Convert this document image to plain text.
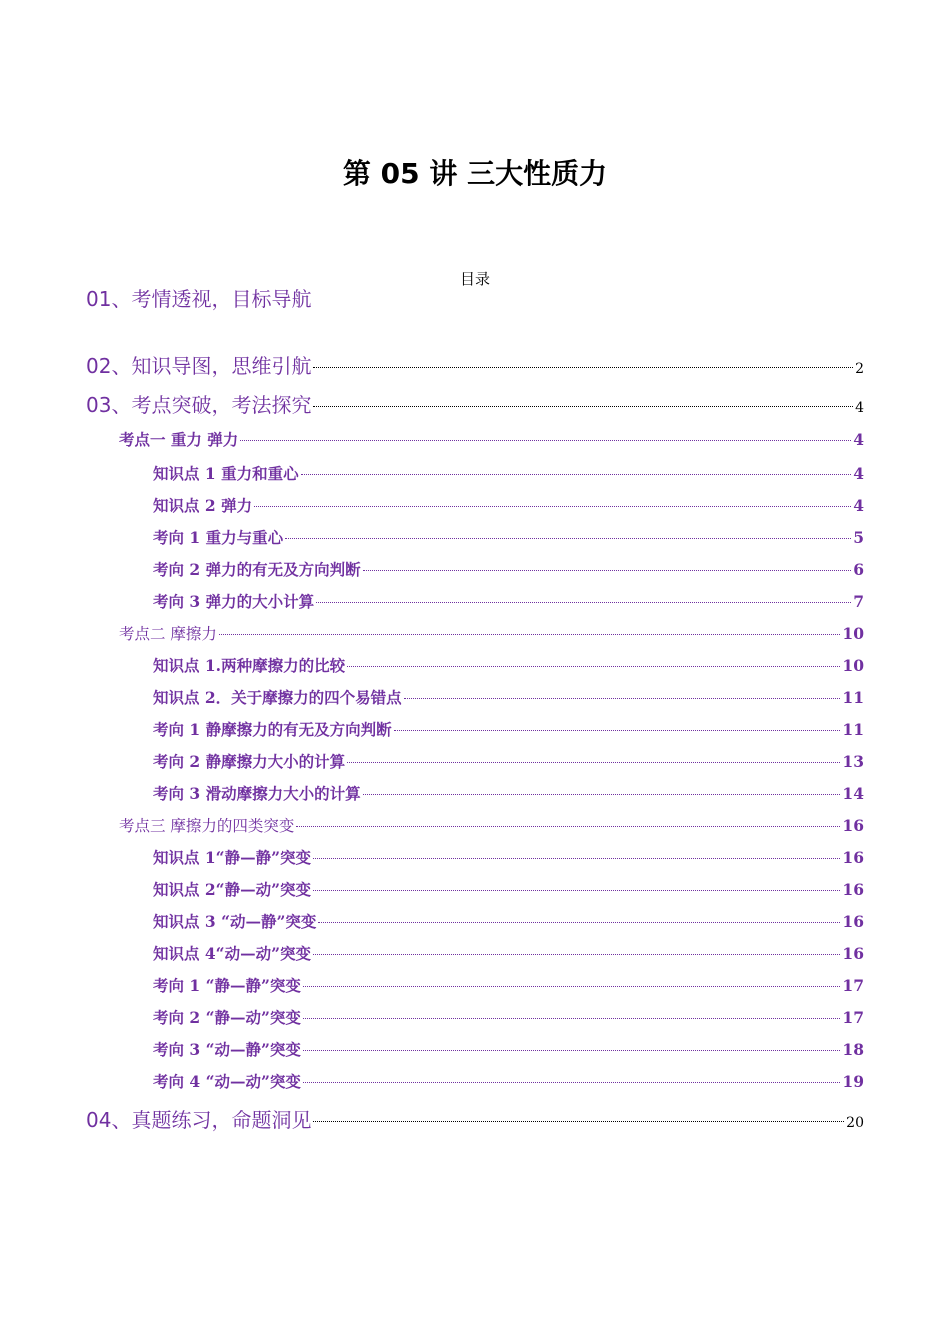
第 05 讲 三大性质力
目录
01、考情透视，目标导航
02、知识导图，思维引航	2
03、考点突破，考法探究	4
考点一 重力 弹力	4
知识点 1 重力和重心	4
知识点 2 弹力	4
考向 1 重力与重心	5
考向 2 弹力的有无及方向判断	6
考向 3 弹力的大小计算	7
考点二 摩擦力	10
知识点 1.两种摩擦力的比较	10
知识点 2．关于摩擦力的四个易错点	11
考向 1 静摩擦力的有无及方向判断	11
考向 2 静摩擦力大小的计算	13
考向 3 滑动摩擦力大小的计算	14
考点三 摩擦力的四类突变	16
知识点 1“静—静”突变	16
知识点 2“静—动”突变	16
知识点 3 “动—静”突变	16
知识点 4“动—动”突变	16
考向 1 “静—静”突变	17
考向 2 “静—动”突变	17
考向 3 “动—静”突变	18
考向 4 “动—动”突变	19
04、真题练习，命题洞见	20
